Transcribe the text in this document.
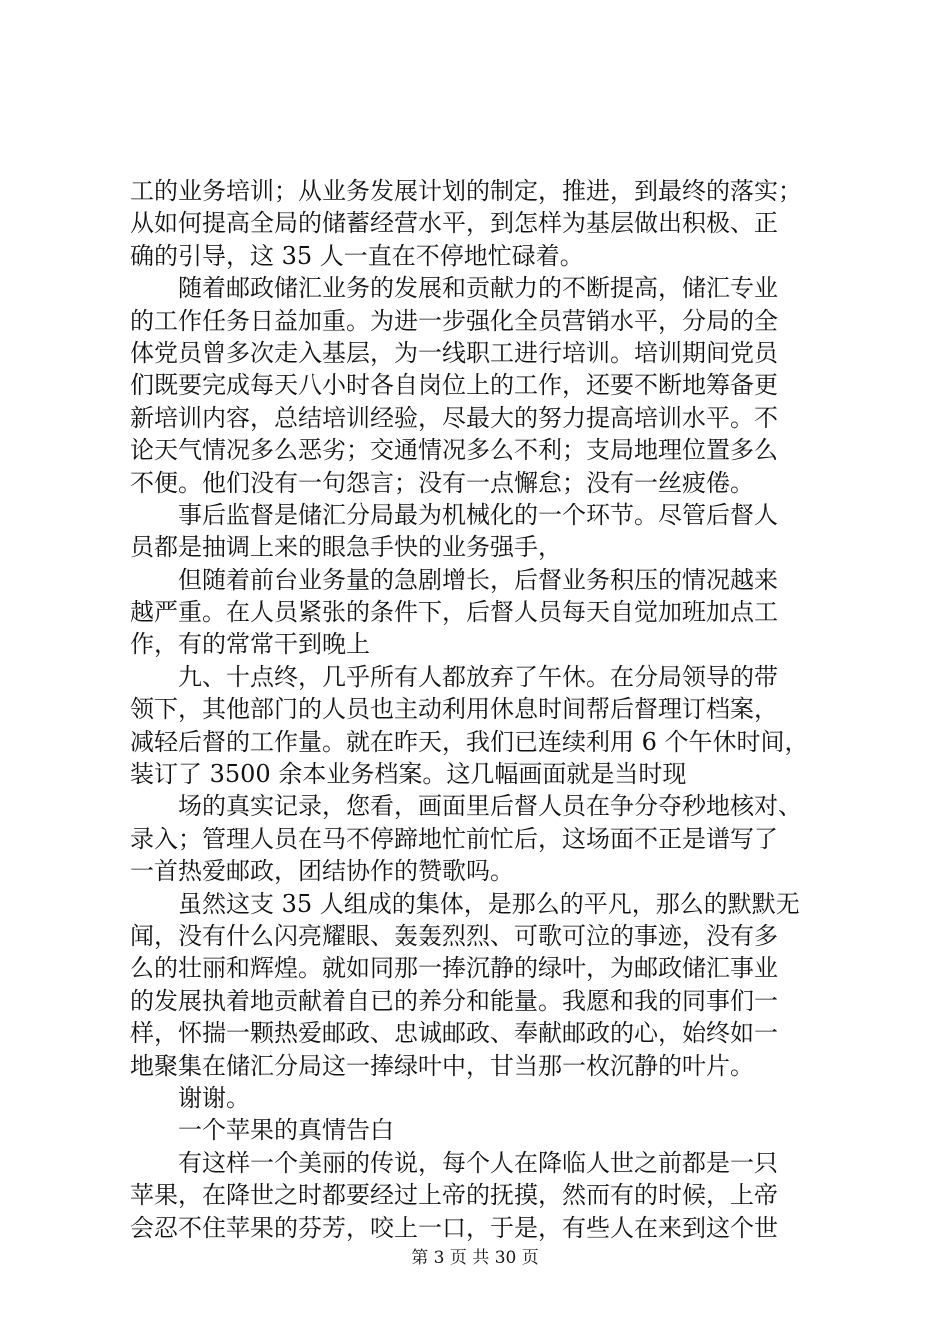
工的业务培训；从业务发展计划的制定，推进，到最终的落实；
从如何提高全局的储蓄经营水平，到怎样为基层做出积极、正
确的引导，这 35 人一直在不停地忙碌着。
随着邮政储汇业务的发展和贡献力的不断提高，储汇专业
的工作任务日益加重。为进一步强化全员营销水平，分局的全
体党员曾多次走入基层，为一线职工进行培训。培训期间党员
们既要完成每天八小时各自岗位上的工作，还要不断地筹备更
新培训内容，总结培训经验，尽最大的努力提高培训水平。不
论天气情况多么恶劣；交通情况多么不利；支局地理位置多么
不便。他们没有一句怨言；没有一点懈怠；没有一丝疲倦。
事后监督是储汇分局最为机械化的一个环节。尽管后督人
员都是抽调上来的眼急手快的业务强手，
但随着前台业务量的急剧增长，后督业务积压的情况越来
越严重。在人员紧张的条件下，后督人员每天自觉加班加点工
作，有的常常干到晚上
九、十点终，几乎所有人都放弃了午休。在分局领导的带
领下，其他部门的人员也主动利用休息时间帮后督理订档案，
减轻后督的工作量。就在昨天，我们已连续利用 6 个午休时间，
装订了 3500 余本业务档案。这几幅画面就是当时现
场的真实记录，您看，画面里后督人员在争分夺秒地核对、
录入；管理人员在马不停蹄地忙前忙后，这场面不正是谱写了
一首热爱邮政，团结协作的赞歌吗。
虽然这支 35 人组成的集体，是那么的平凡，那么的默默无
闻，没有什么闪亮耀眼、轰轰烈烈、可歌可泣的事迹，没有多
么的壮丽和辉煌。就如同那一捧沉静的绿叶，为邮政储汇事业
的发展执着地贡献着自已的养分和能量。我愿和我的同事们一
样，怀揣一颗热爱邮政、忠诚邮政、奉献邮政的心，始终如一
地聚集在储汇分局这一捧绿叶中，甘当那一枚沉静的叶片。
谢谢。
一个苹果的真情告白
有这样一个美丽的传说，每个人在降临人世之前都是一只
苹果，在降世之时都要经过上帝的抚摸，然而有的时候，上帝
会忍不住苹果的芬芳，咬上一口，于是，有些人在来到这个世
第 3 页 共 30 页
